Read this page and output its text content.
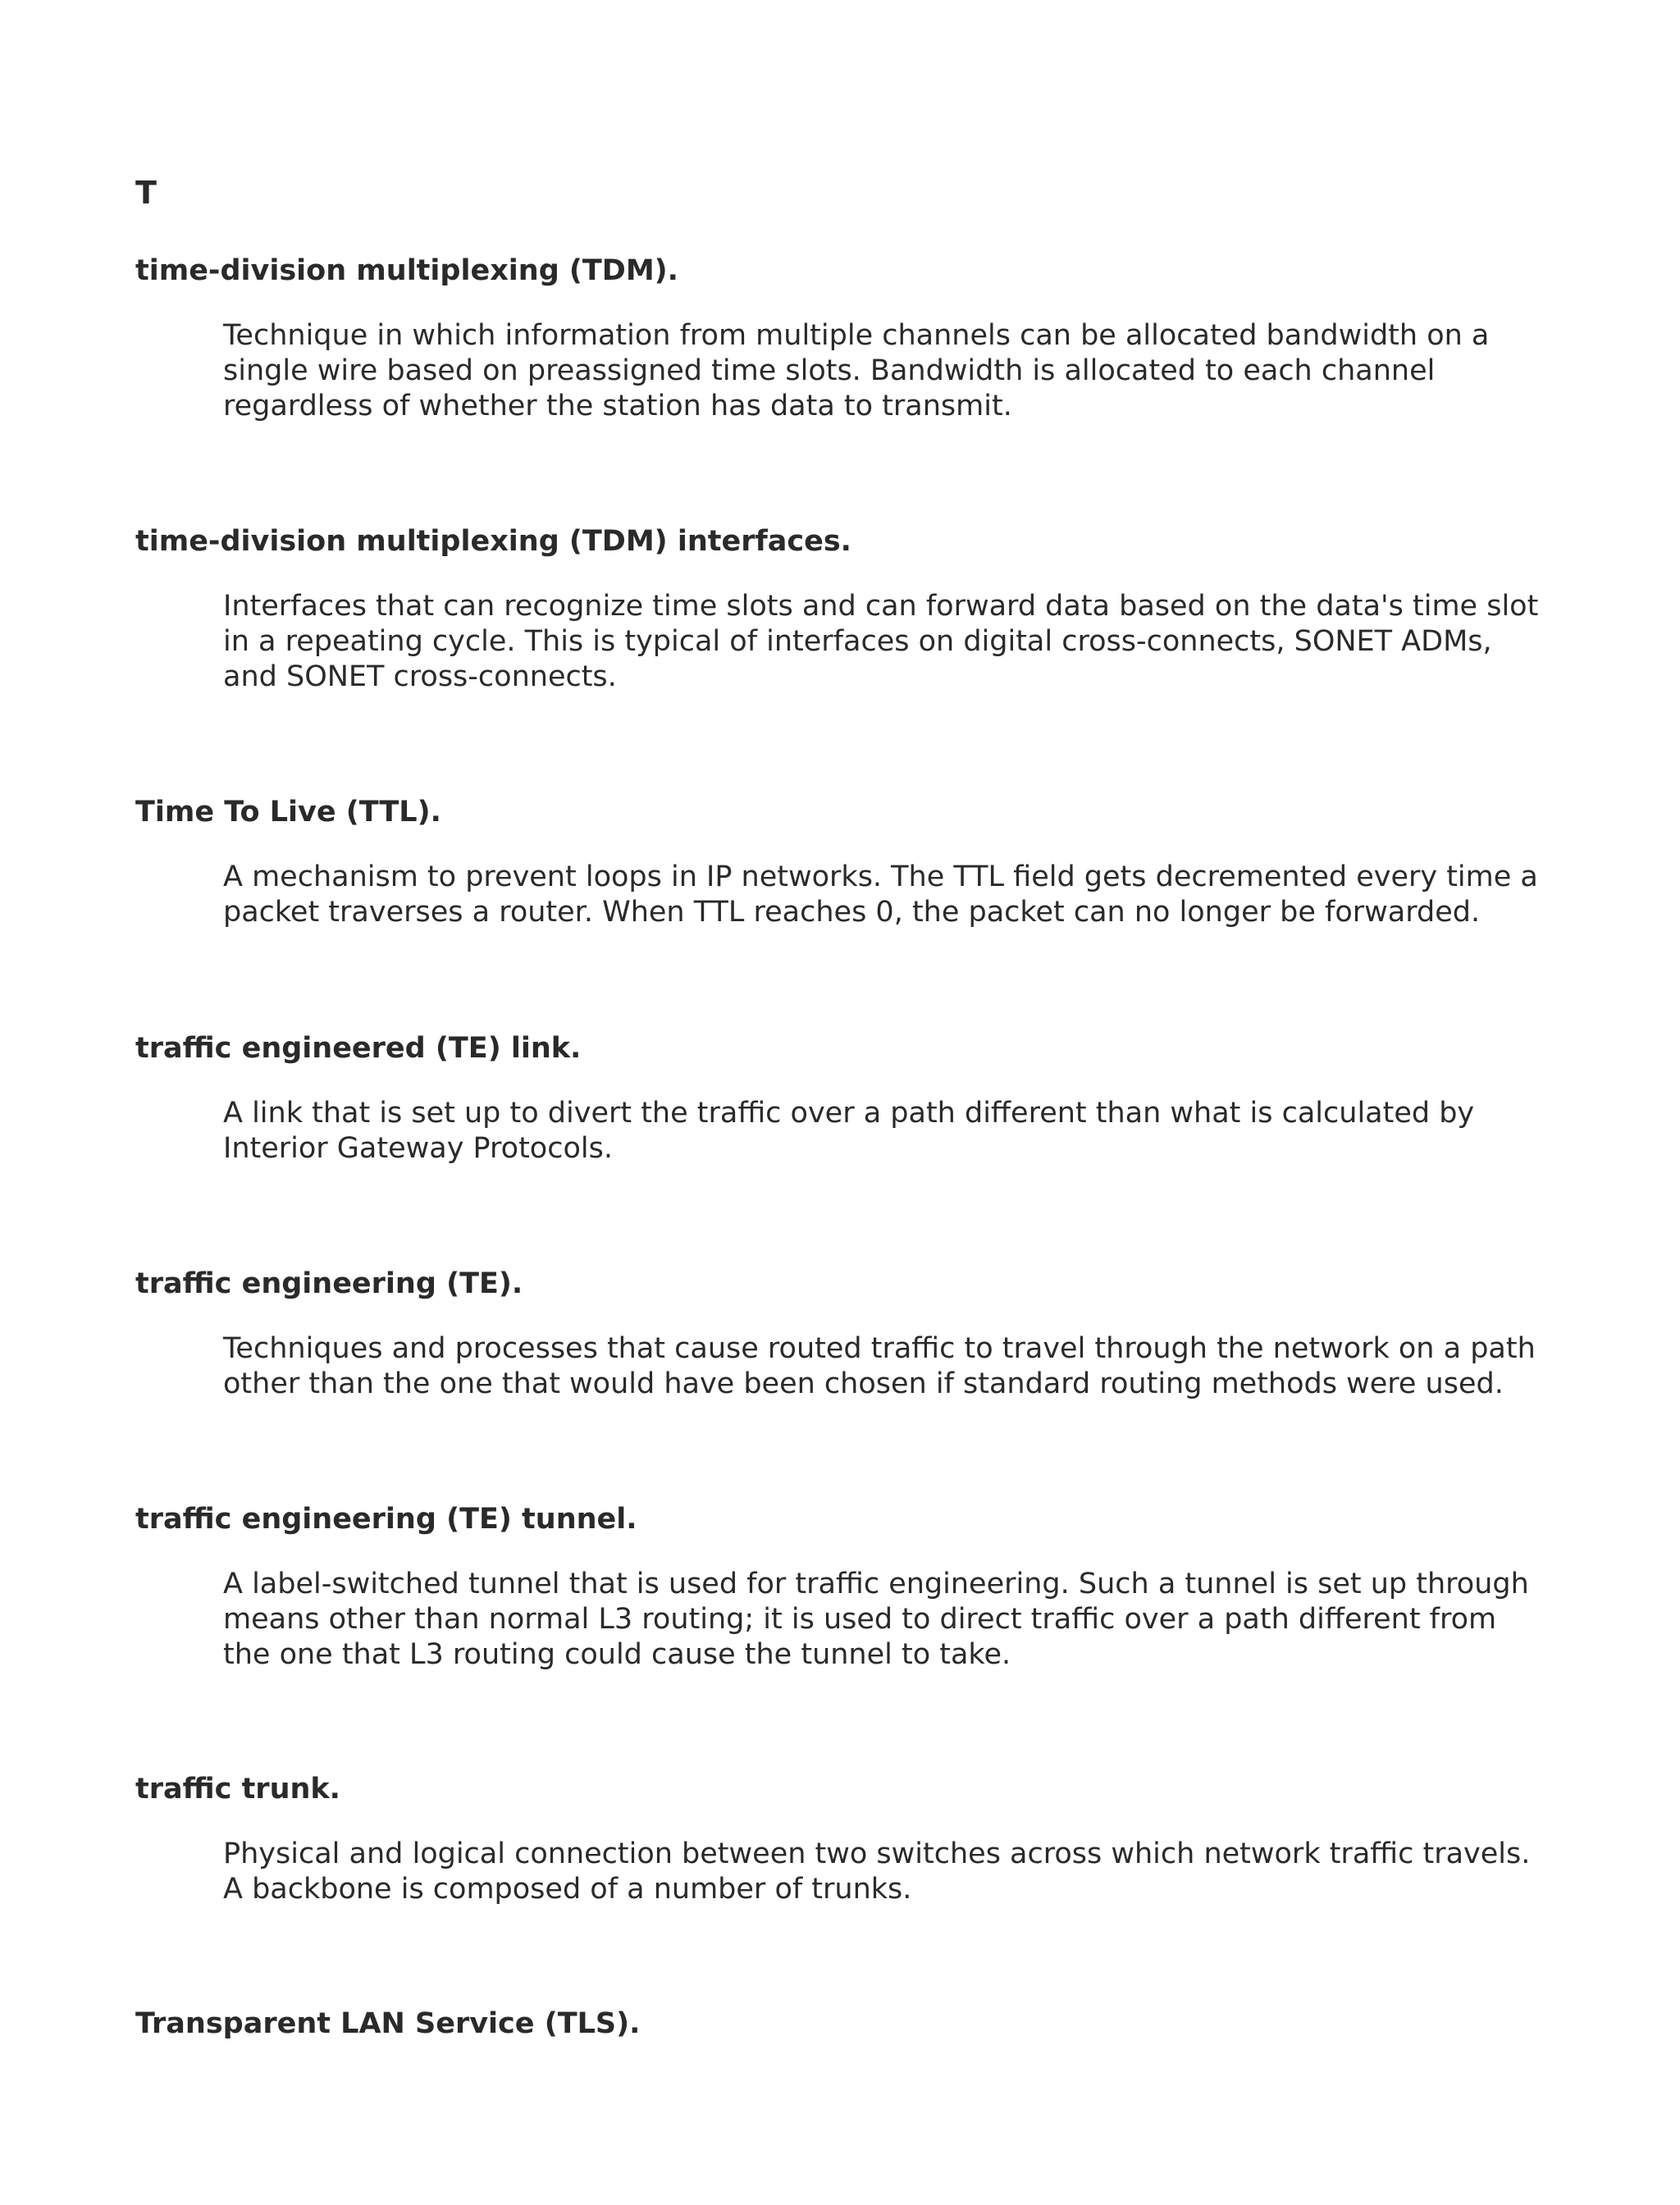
T
time-division multiplexing (TDM).
Technique in which information from multiple channels can be allocated bandwidth on a
single wire based on preassigned time slots. Bandwidth is allocated to each channel
regardless of whether the station has data to transmit.
time-division multiplexing (TDM) interfaces.
Interfaces that can recognize time slots and can forward data based on the data's time slot
in a repeating cycle. This is typical of interfaces on digital cross-connects, SONET ADMs,
and SONET cross-connects.
Time To Live (TTL).
A mechanism to prevent loops in IP networks. The TTL field gets decremented every time a
packet traverses a router. When TTL reaches 0, the packet can no longer be forwarded.
traffic engineered (TE) link.
A link that is set up to divert the traffic over a path different than what is calculated by
Interior Gateway Protocols.
traffic engineering (TE).
Techniques and processes that cause routed traffic to travel through the network on a path
other than the one that would have been chosen if standard routing methods were used.
traffic engineering (TE) tunnel.
A label-switched tunnel that is used for traffic engineering. Such a tunnel is set up through
means other than normal L3 routing; it is used to direct traffic over a path different from
the one that L3 routing could cause the tunnel to take.
traffic trunk.
Physical and logical connection between two switches across which network traffic travels.
A backbone is composed of a number of trunks.
Transparent LAN Service (TLS).
